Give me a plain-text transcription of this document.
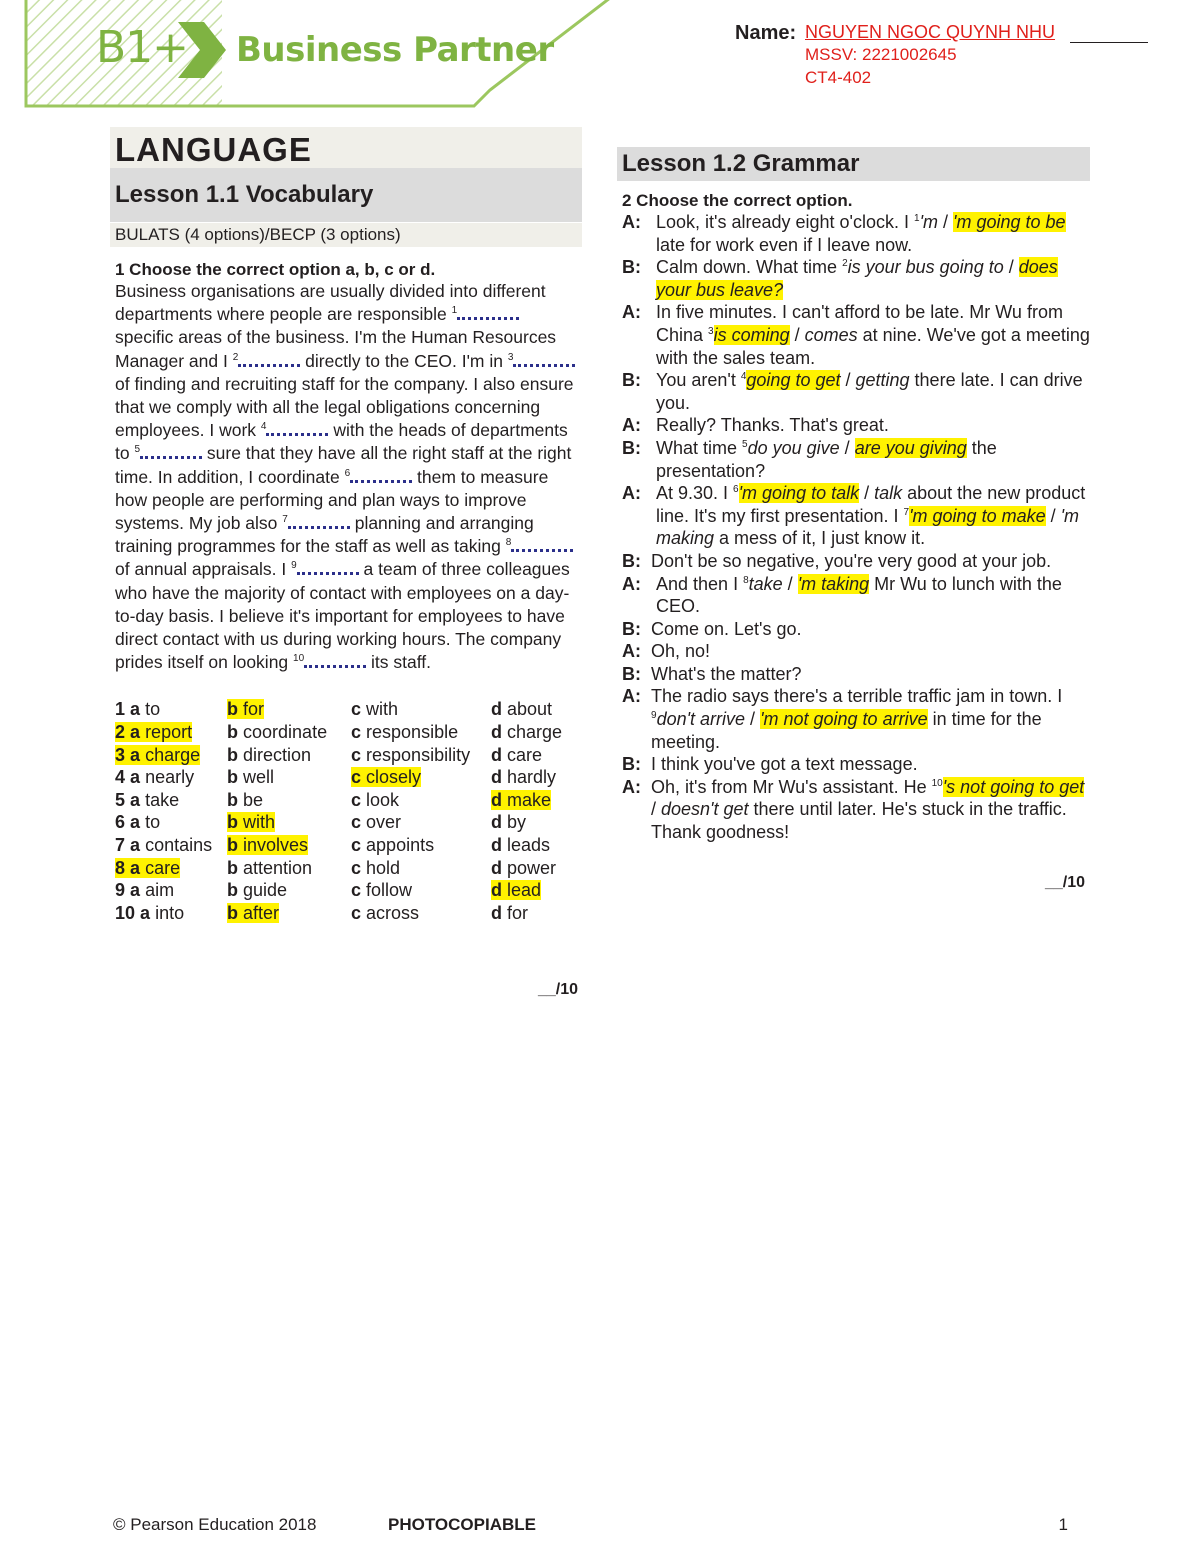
B1+ Business Partner	Name: NGUYEN NGOC QUYNH NHU
MSSV: 2221002645
CT4-402
LANGUAGE
Lesson 1.1 Vocabulary
BULATS (4 options)/BECP (3 options)
1 Choose the correct option a, b, c or d.
Business organisations are usually divided into different departments where people are responsible $^1$ specific areas of the business. I'm the Human Resources Manager and I $^2$	directly to the CEO. I'm in $^3$ of finding and recruiting staff for the company. I also ensure that we comply with all the legal obligations concerning employees. I work $^4$	with the heads of departments to $^5$	sure that they have all the right staff at the right time. In addition, I coordinate $^6$	them to measure how people are performing and plan ways to improve systems. My job also $^7$	planning and arranging training programmes for the staff as well as taking $^8$ of annual appraisals. I $^9$	a team of three colleagues who have the majority of contact with employees on a day-to-day basis. I believe it's important for employees to have direct contact with us during working hours. The company prides itself on looking $^{10}$	its staff.
1 a to	b for	c with	d about
2 a report	b coordinate	c responsible	d charge
3 a charge	b direction	c responsibility	d care
4 a nearly	b well	c closely	d hardly
5 a take	b be	c look	d make
6 a to	b with	c over	d by
7 a contains b involves	c appoints	d leads
8 a care	b attention	c hold	d power
9 a aim	b guide	c follow	d lead
10 a into	b after	c across	d for
__/10
Lesson 1.2 Grammar
2 Choose the correct option.
A: Look, it's already eight o'clock. I $^1$'m / 'm going to be late for work even if I leave now.
B: Calm down. What time $^2$is your bus going to / does your bus leave?
A: In five minutes. I can't afford to be late. Mr Wu from China $^3$is coming / comes at nine. We've got a meeting with the sales team.
B: You aren't $^4$going to get / getting there late. I can drive you.
A: Really? Thanks. That's great.
B: What time $^5$do you give / are you giving the presentation?
A: At 9.30. I $^6$'m going to talk / talk about the new product line. It's my first presentation. I $^7$'m going to make / 'm making a mess of it, I just know it.
B: Don't be so negative, you're very good at your job.
A: And then I $^8$take / 'm taking Mr Wu to lunch with the CEO.
B: Come on. Let's go.
A: Oh, no!
B: What's the matter?
A: The radio says there's a terrible traffic jam in town. I $^9$don't arrive / 'm not going to arrive in time for the meeting.
B: I think you've got a text message.
A: Oh, it's from Mr Wu's assistant. He $^{10}$'s not going to get / doesn't get there until later. He's stuck in the traffic. Thank goodness!
__/10
© Pearson Education 2018	PHOTOCOPIABLE	1
